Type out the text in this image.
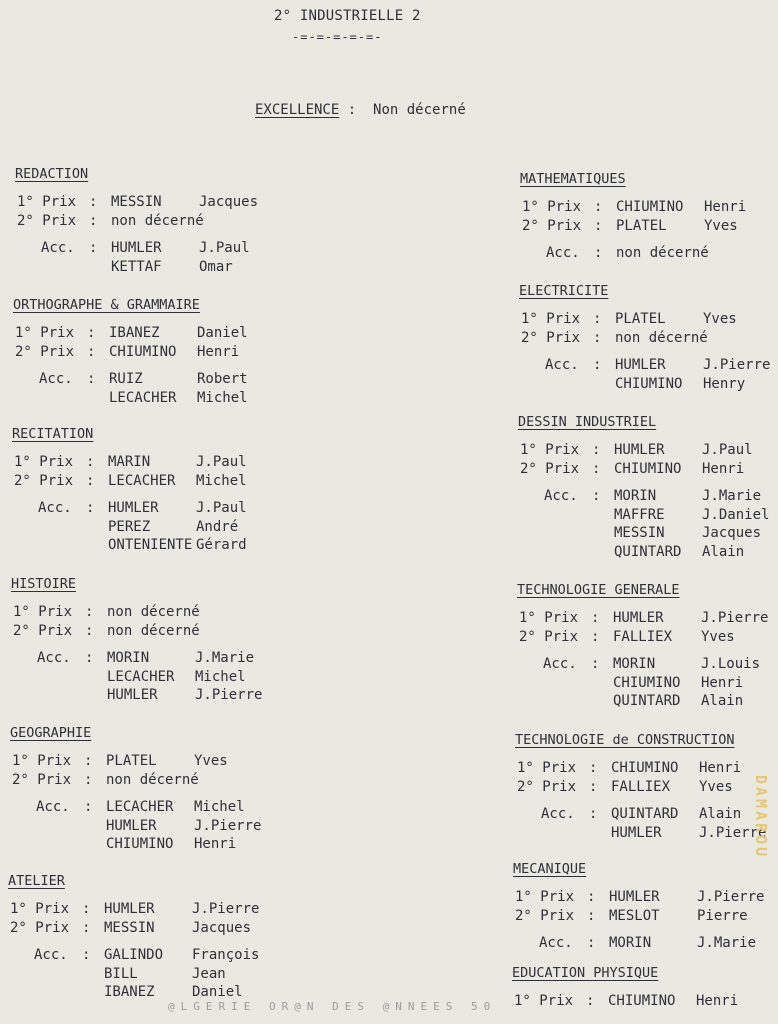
2° INDUSTRIELLE 2
-=-=-=-=-=-
EXCELLENCE : Non décerné
REDACTION
1° Prix : MESSIN	Jacques
2° Prix : non décerné
Acc. : HUMLER	J.Paul
KETTAF	Omar
ORTHOGRAPHE & GRAMMAIRE
1° Prix : IBANEZ	Daniel
2° Prix : CHIUMINO Henri
Acc. : RUIZ	Robert
LECACHER Michel
RECITATION
1° Prix : MARIN	J.Paul
2° Prix : LECACHER Michel
Acc. : HUMLER	J.Paul
PEREZ	André
ONTENIENTE Gérard
HISTOIRE
1° Prix : non décerné
2° Prix : non décerné
Acc. : MORIN	J.Marie
LECACHER Michel
HUMLER	J.Pierre
GEOGRAPHIE
1° Prix : PLATEL	Yves
2° Prix : non décerné
Acc. : LECACHER Michel
HUMLER	J.Pierre
CHIUMINO Henri
ATELIER
1° Prix : HUMLER	J.Pierre
2° Prix : MESSIN	Jacques
Acc. : GALINDO François
BILL	Jean
IBANEZ	Daniel
MATHEMATIQUES
1° Prix : CHIUMINO Henri
2° Prix : PLATEL	Yves
Acc. : non décerné
ELECTRICITE
1° Prix : PLATEL	Yves
2° Prix : non décerné
Acc. : HUMLER	J.Pierre
CHIUMINO Henry
DESSIN INDUSTRIEL
1° Prix : HUMLER	J.Paul
2° Prix : CHIUMINO Henri
Acc. : MORIN	J.Marie
MAFFRE	J.Daniel
MESSIN	Jacques
QUINTARD Alain
TECHNOLOGIE GENERALE
1° Prix : HUMLER	J.Pierre
2° Prix : FALLIEX Yves
Acc. : MORIN	J.Louis
CHIUMINO Henri
QUINTARD Alain
TECHNOLOGIE de CONSTRUCTION
1° Prix : CHIUMINO Henri
2° Prix : FALLIEX Yves
Acc. : QUINTARD Alain
HUMLER	J.Pierre
MECANIQUE
1° Prix : HUMLER	J.Pierre
2° Prix : MESLOT	Pierre
Acc. : MORIN	J.Marie
EDUCATION PHYSIQUE
1° Prix : CHIUMINO Henri
@LGERIE OR@N DES @NNEES 50
DAMAROU
